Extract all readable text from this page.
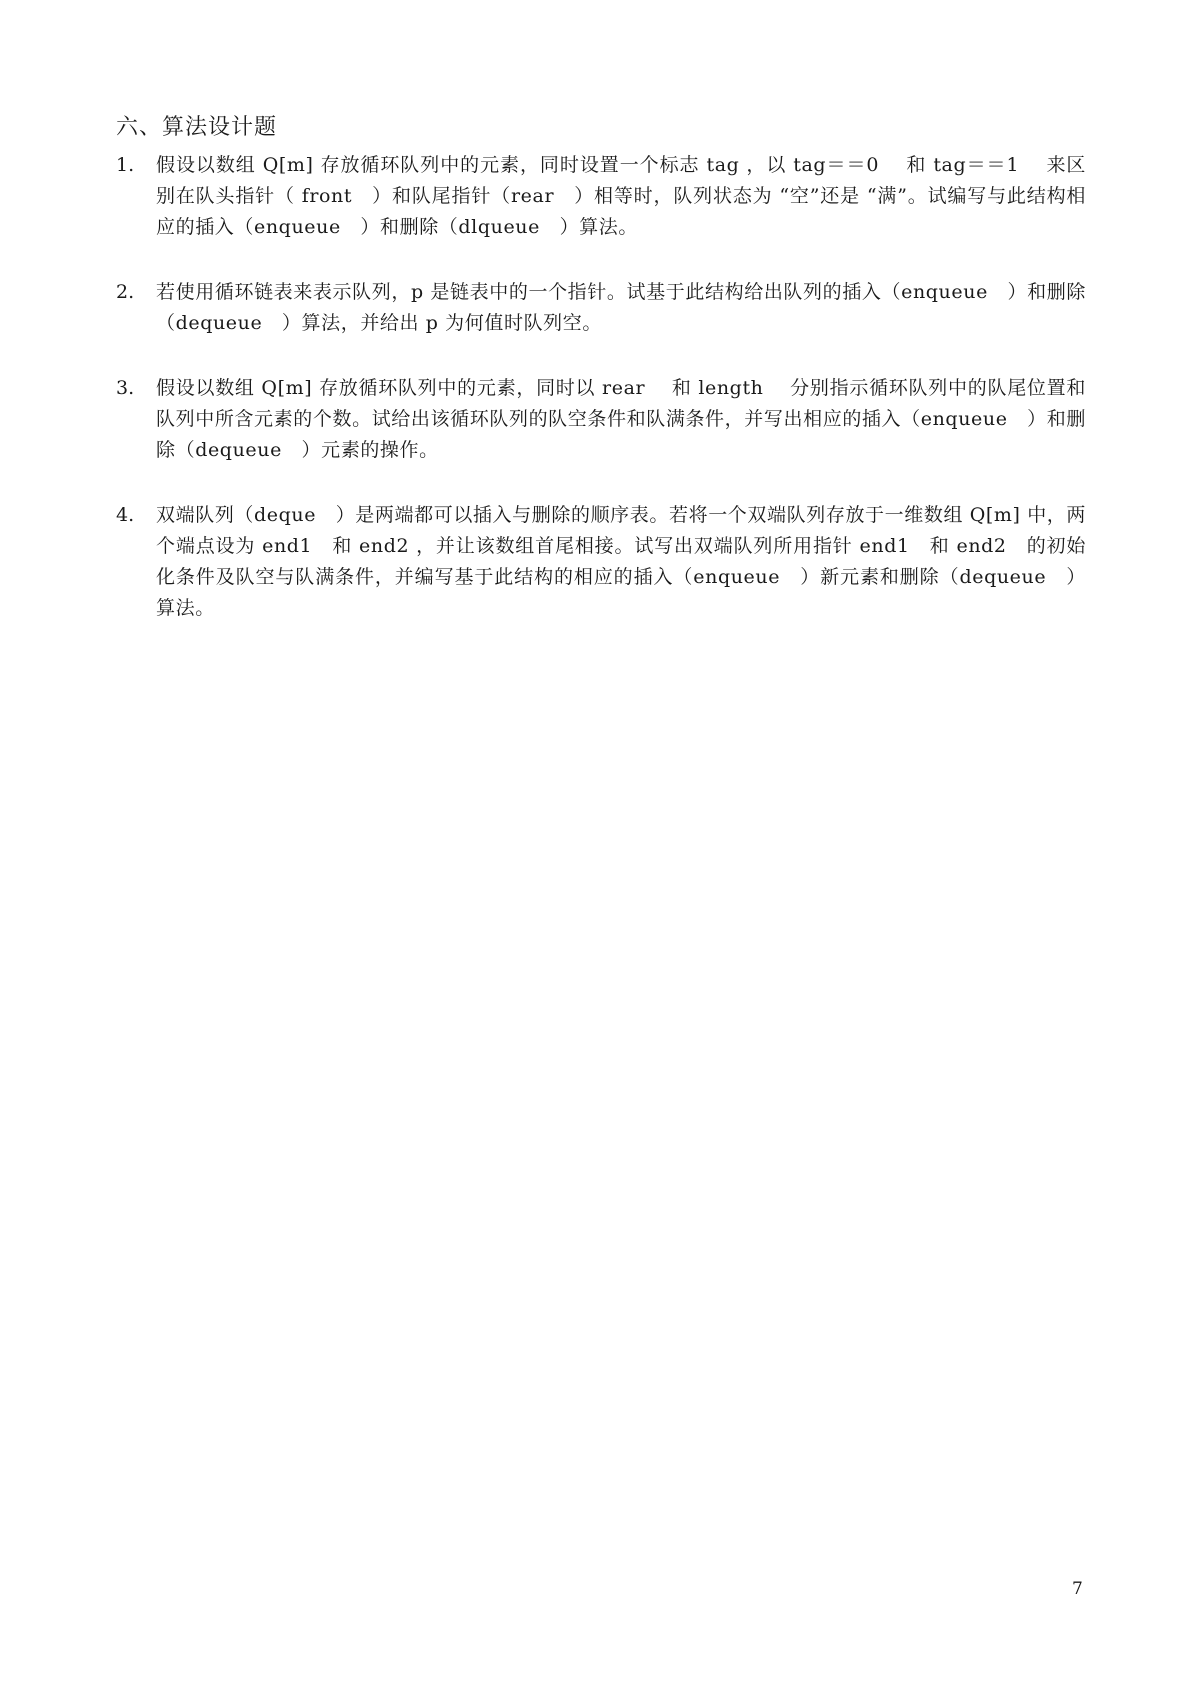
六、算法设计题
1.	假设以数组 Q[m] 存放循环队列中的元素，同时设置一个标志 tag ，以 tag＝＝0　 和 tag＝＝1　 来区别在队头指针（ front　）和队尾指针（rear　）相等时，队列状态为 “空”还是 “满”。试编写与此结构相应的插入（enqueue　）和删除（dlqueue　）算法。
2.	若使用循环链表来表示队列，p 是链表中的一个指针。试基于此结构给出队列的插入（enqueue　）和删除（dequeue　）算法，并给出 p 为何值时队列空。
3.	假设以数组 Q[m] 存放循环队列中的元素，同时以 rear　 和 length　 分别指示循环队列中的队尾位置和队列中所含元素的个数。试给出该循环队列的队空条件和队满条件，并写出相应的插入（enqueue　）和删除（dequeue　）元素的操作。
4.	双端队列（deque　）是两端都可以插入与删除的顺序表。若将一个双端队列存放于一维数组 Q[m] 中，两个端点设为 end1　和 end2 ，并让该数组首尾相接。试写出双端队列所用指针 end1　和 end2　的初始化条件及队空与队满条件，并编写基于此结构的相应的插入（enqueue　）新元素和删除（dequeue　）算法。
7
